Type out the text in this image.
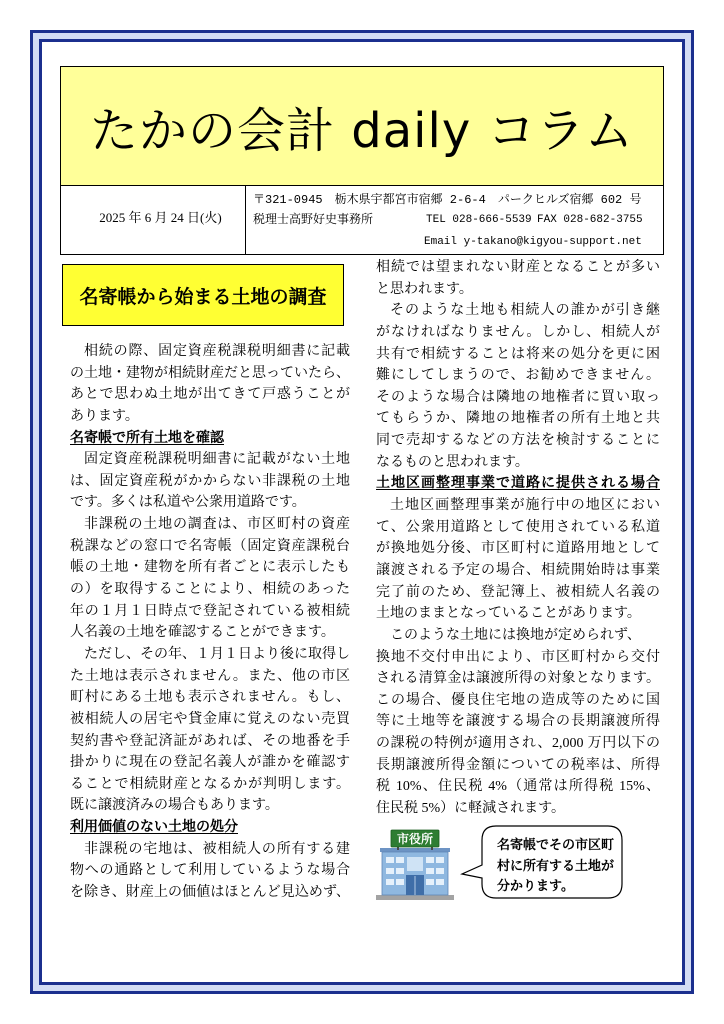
たかの会計 daily コラム
2025 年 6 月 24 日(火)
〒321-0945　栃木県宇都宮市宿郷 2-6-4　パークヒルズ宿郷 602 号
税理士高野好史事務所	TEL 028-666-5539 FAX 028-682-3755
Email y-takano@kigyou-support.net
名寄帳から始まる土地の調査
相続の際、固定資産税課税明細書に記載
の土地・建物が相続財産だと思っていたら、
あとで思わぬ土地が出てきて戸惑うことが
あります。
名寄帳で所有土地を確認
固定資産税課税明細書に記載がない土地
は、固定資産税がかからない非課税の土地
です。多くは私道や公衆用道路です。
非課税の土地の調査は、市区町村の資産
税課などの窓口で名寄帳（固定資産課税台
帳の土地・建物を所有者ごとに表示したも
の）を取得することにより、相続のあった
年の１月１日時点で登記されている被相続
人名義の土地を確認することができます。
ただし、その年、１月１日より後に取得し
た土地は表示されません。また、他の市区
町村にある土地も表示されません。もし、
被相続人の居宅や貸金庫に覚えのない売買
契約書や登記済証があれば、その地番を手
掛かりに現在の登記名義人が誰かを確認す
ることで相続財産となるかが判明します。
既に譲渡済みの場合もあります。
利用価値のない土地の処分
非課税の宅地は、被相続人の所有する建
物への通路として利用しているような場合
を除き、財産上の価値はほとんど見込めず、
相続では望まれない財産となることが多い
と思われます。
そのような土地も相続人の誰かが引き継
がなければなりません。しかし、相続人が
共有で相続することは将来の処分を更に困
難にしてしまうので、お勧めできません。
そのような場合は隣地の地権者に買い取っ
てもらうか、隣地の地権者の所有土地と共
同で売却するなどの方法を検討することに
なるものと思われます。
土地区画整理事業で道路に提供される場合
土地区画整理事業が施行中の地区におい
て、公衆用道路として使用されている私道
が換地処分後、市区町村に道路用地として
譲渡される予定の場合、相続開始時は事業
完了前のため、登記簿上、被相続人名義の
土地のままとなっていることがあります。
このような土地には換地が定められず、
換地不交付申出により、市区町村から交付
される清算金は譲渡所得の対象となります。
この場合、優良住宅地の造成等のために国
等に土地等を譲渡する場合の長期譲渡所得
の課税の特例が適用され、2,000 万円以下の
長期譲渡所得金額についての税率は、所得
税 10%、住民税 4%（通常は所得税 15%、
住民税 5%）に軽減されます。
市役所	名寄帳でその市区町
村に所有する土地が
分かります。
